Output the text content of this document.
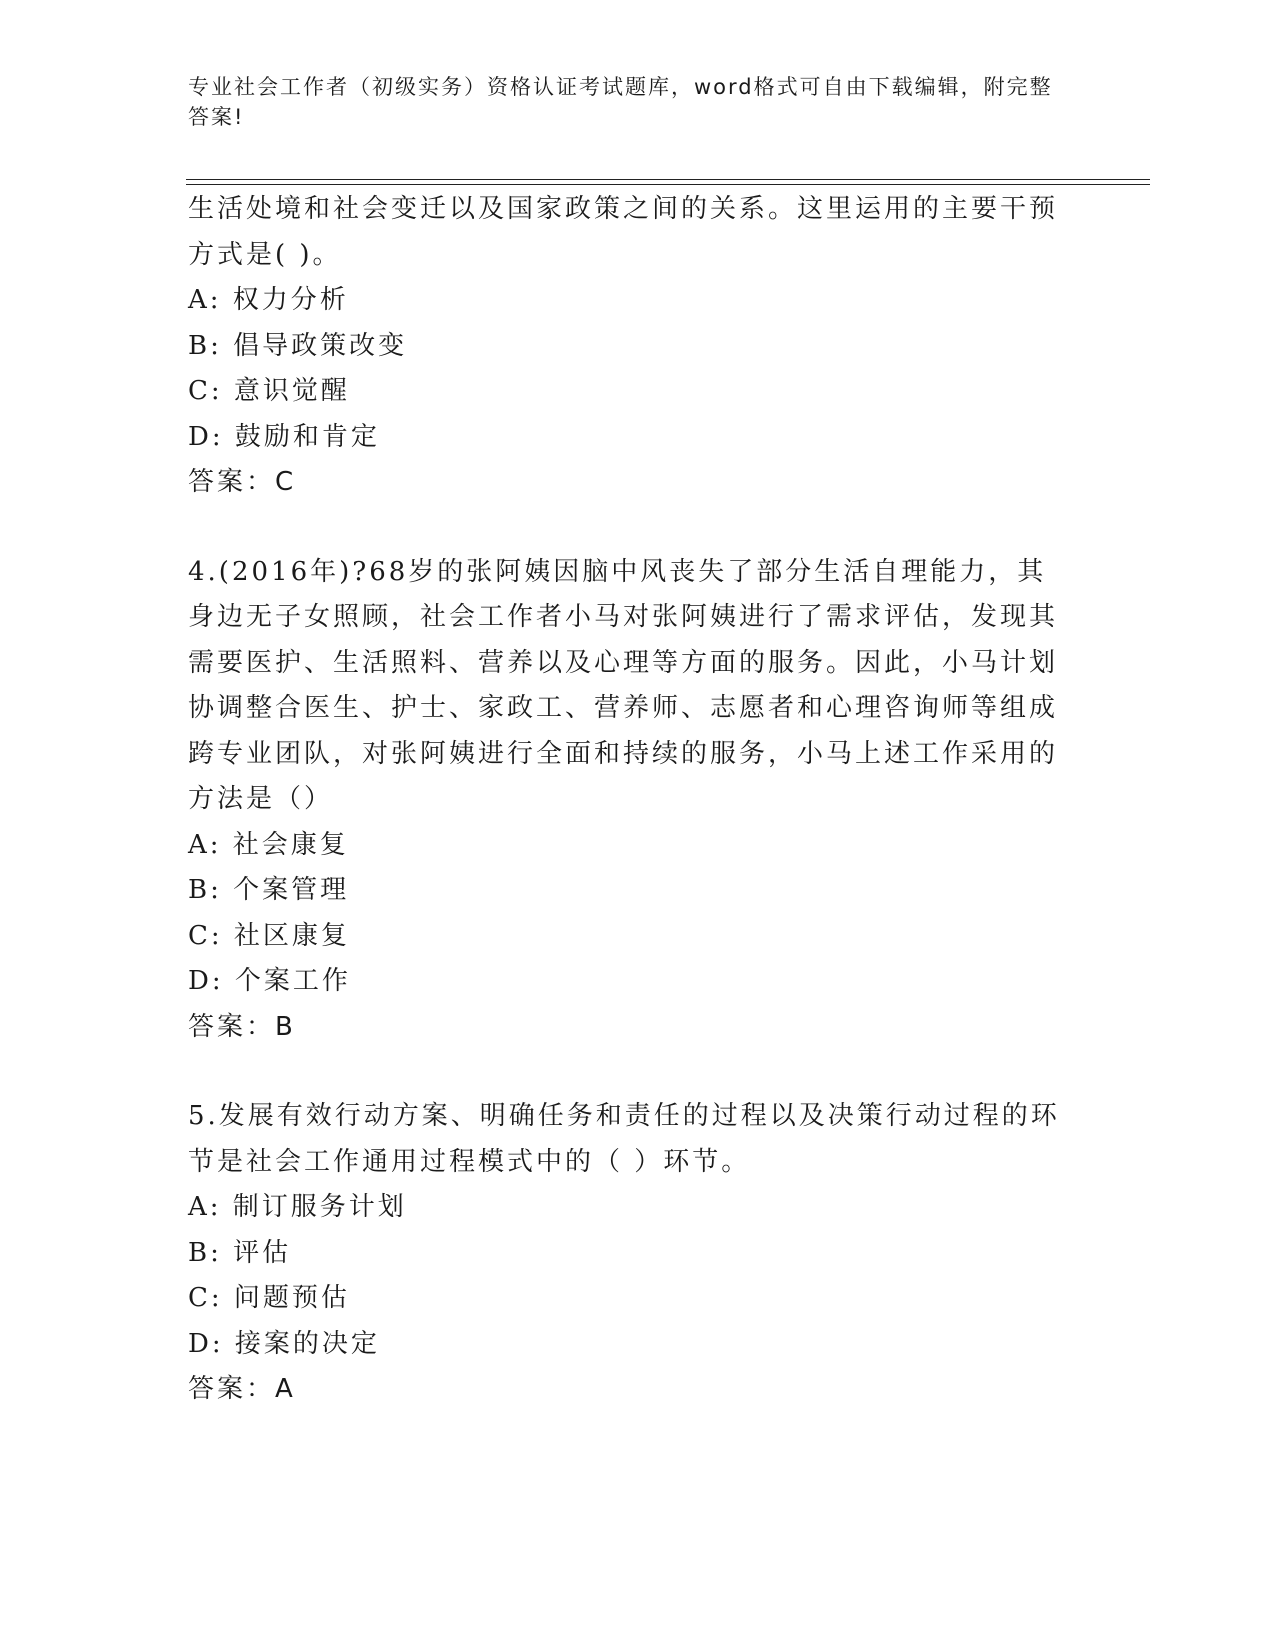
专业社会工作者（初级实务）资格认证考试题库，word格式可自由下载编辑，附完整答案!

生活处境和社会变迁以及国家政策之间的关系。这里运用的主要干预方式是( )。

A: 权力分析

B: 倡导政策改变

C: 意识觉醒

D: 鼓励和肯定

答案：C

4.(2016年)?68岁的张阿姨因脑中风丧失了部分生活自理能力，其身边无子女照顾，社会工作者小马对张阿姨进行了需求评估，发现其需要医护、生活照料、营养以及心理等方面的服务。因此，小马计划协调整合医生、护士、家政工、营养师、志愿者和心理咨询师等组成跨专业团队，对张阿姨进行全面和持续的服务，小马上述工作采用的方法是（）

A: 社会康复

B: 个案管理

C: 社区康复

D: 个案工作

答案：B

5.发展有效行动方案、明确任务和责任的过程以及决策行动过程的环节是社会工作通用过程模式中的（ ）环节。

A: 制订服务计划

B: 评估

C: 问题预估

D: 接案的决定

答案：A
